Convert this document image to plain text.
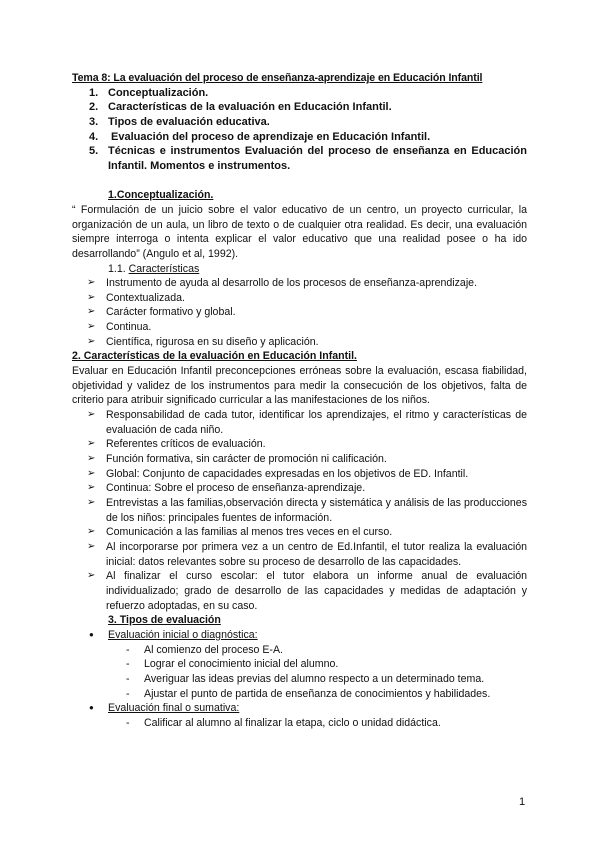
Tema 8: La evaluación del proceso de enseñanza-aprendizaje en Educación Infantil
1. Conceptualización.
2. Características de la evaluación en Educación Infantil.
3. Tipos de evaluación educativa.
4. Evaluación del proceso de aprendizaje en Educación Infantil.
5. Técnicas e instrumentos Evaluación del proceso de enseñanza en Educación Infantil. Momentos e instrumentos.
1.Conceptualización.

“ Formulación de un juicio sobre el valor educativo de un centro, un proyecto curricular, la organización de un aula, un libro de texto o de cualquier otra realidad. Es decir, una evaluación siempre interroga o intenta explicar el valor educativo que una realidad posee o ha ido desarrollando” (Angulo et al, 1992).

1.1. Características
➢ Instrumento de ayuda al desarrollo de los procesos de enseñanza-aprendizaje.
➢ Contextualizada.
➢ Carácter formativo y global.
➢ Continua.
➢ Científica, rigurosa en su diseño y aplicación.
2. Características de la evaluación en Educación Infantil.

Evaluar en Educación Infantil preconcepciones erróneas sobre la evaluación, escasa fiabilidad, objetividad y validez de los instrumentos para medir la consecución de los objetivos, falta de criterio para atribuir significado curricular a las manifestaciones de los niños.

➢ Responsabilidad de cada tutor, identificar los aprendizajes, el ritmo y características de evaluación de cada niño.
➢ Referentes críticos de evaluación.
➢ Función formativa, sin carácter de promoción ni calificación.
➢ Global: Conjunto de capacidades expresadas en los objetivos de ED. Infantil.
➢ Continua: Sobre el proceso de enseñanza-aprendizaje.
➢ Entrevistas a las familias,observación directa y sistemática y análisis de las producciones de los niños: principales fuentes de información.
➢ Comunicación a las familias al menos tres veces en el curso.
➢ Al incorporarse por primera vez a un centro de Ed.Infantil, el tutor realiza la evaluación inicial: datos relevantes sobre su proceso de desarrollo de las capacidades.
➢ Al finalizar el curso escolar: el tutor elabora un informe anual de evaluación individualizado; grado de desarrollo de las capacidades y medidas de adaptación y refuerzo adoptadas, en su caso.
3. Tipos de evaluación
● Evaluación inicial o diagnóstica:
- Al comienzo del proceso E-A.
- Lograr el conocimiento inicial del alumno.
- Averiguar las ideas previas del alumno respecto a un determinado tema.
- Ajustar el punto de partida de enseñanza de conocimientos y habilidades.
● Evaluación final o sumativa:
- Calificar al alumno al finalizar la etapa, ciclo o unidad didáctica.
1
